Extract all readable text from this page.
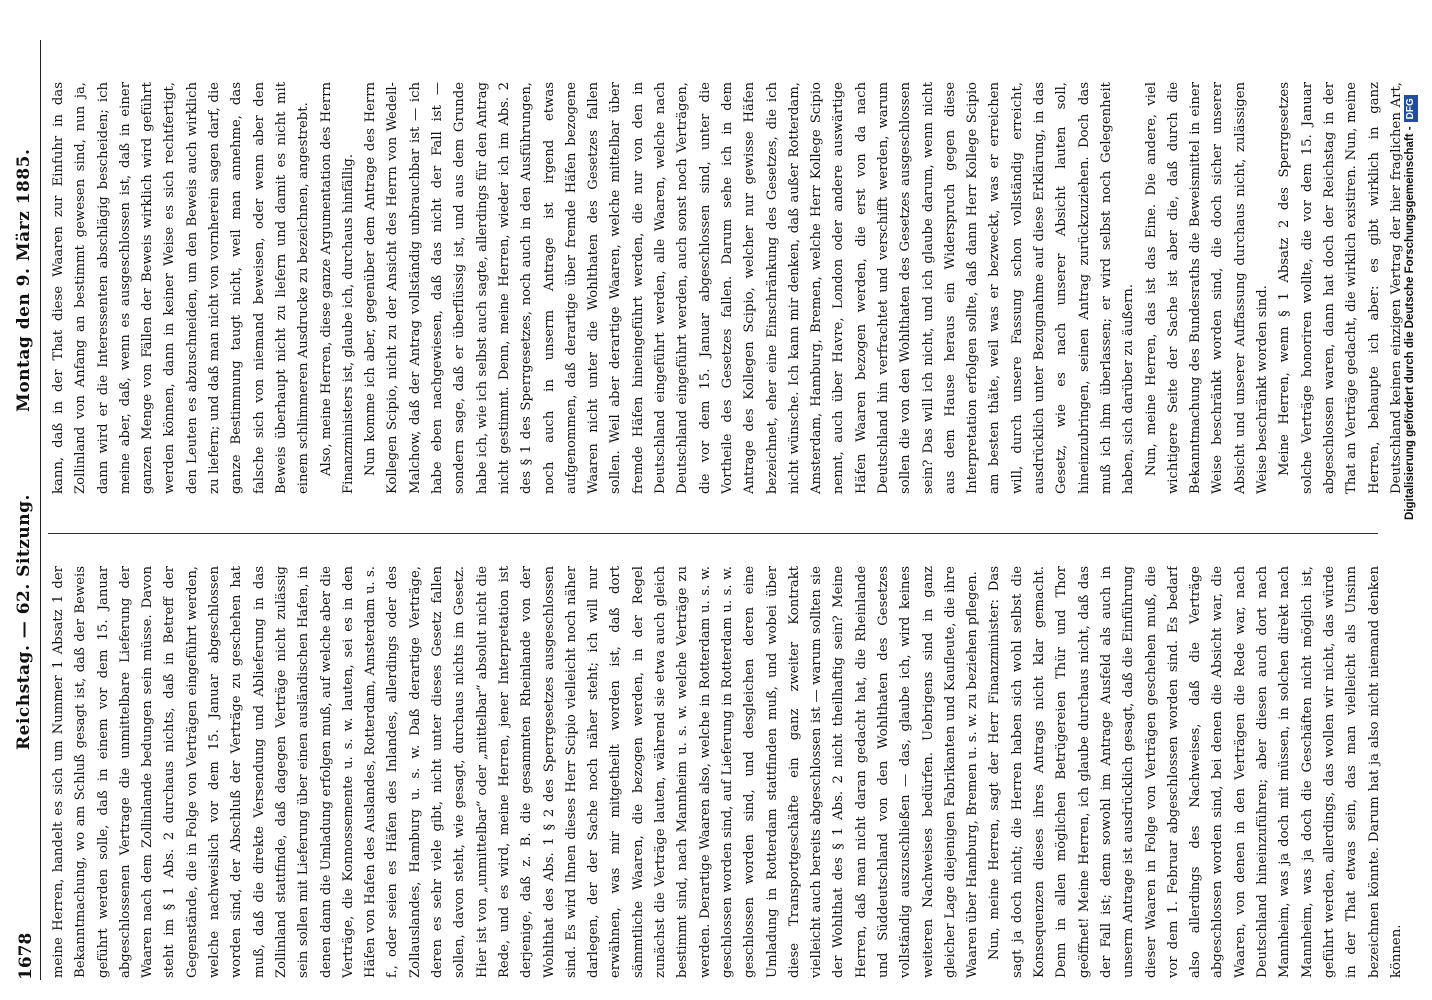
1678
Reichstag. — 62. Sitzung.
Montag den 9. März 1885.

meine Herren, handelt es sich um Nummer 1 Absatz 1 der Bekanntmachung, wo am Schluß gesagt ist, daß der Beweis geführt werden solle, daß in einem vor dem 15. Januar abgeschlossenen Vertrage die unmittelbare Lieferung der Waaren nach dem Zollinlande bedungen sein müsse. Davon steht im § 1 Abs. 2 durchaus nichts, daß in Betreff der Gegenstände, die in Folge von Verträgen eingeführt werden, welche nachweislich vor dem 15. Januar abgeschlossen worden sind, der Abschluß der Verträge zu geschehen hat muß, daß die direkte Versendung und Ablieferung in das Zollinland stattfinde, daß dagegen Verträge nicht zulässig sein sollen mit Lieferung über einen ausländischen Hafen, in denen dann die Umladung erfolgen muß, auf welche aber die Verträge, die Konnossemente u. s. w. lauten, sei es in den Häfen von Hafen des Auslandes, Rotterdam, Amsterdam u. s. f., oder seien es Häfen des Inlandes, allerdings oder des Zollauslandes, Hamburg u. s. w. Daß derartige Verträge, deren es sehr viele gibt, nicht unter dieses Gesetz fallen sollen, davon steht, wie gesagt, durchaus nichts im Gesetz. Hier ist von „unmittelbar“ oder „mittelbar“ absolut nicht die Rede, und es wird, meine Herren, jener Interpretation ist derjenige, daß z. B. die gesammten Rheinlande von der Wohlthat des Abs. 1 § 2 des Sperrgesetzes ausgeschlossen sind. Es wird Ihnen dieses Herr Scipio vielleicht noch näher darlegen, der der Sache noch näher steht; ich will nur erwähnen, was mir mitgetheilt worden ist, daß dort sämmtliche Waaren, die bezogen werden, in der Regel zunächst die Verträge lauten, während sie etwa auch gleich bestimmt sind, nach Mannheim u. s. w. welche Verträge zu werden. Derartige Waaren also, welche in Rotterdam u. s. w. geschlossen worden sind, auf Lieferung in Rotterdam u. s. w. geschlossen worden sind, und desgleichen deren eine Umladung in Rotterdam stattfinden muß, und wobei über diese Transportgeschäfte ein ganz zweiter Kontrakt vielleicht auch bereits abgeschlossen ist — warum sollten sie der Wohlthat des § 1 Abs. 2 nicht theilhaftig sein? Meine Herren, daß man nicht daran gedacht hat, die Rheinlande und Süddeutschland von den Wohlthaten des Gesetzes vollständig auszuschließen — das, glaube ich, wird keines weiteren Nachweises bedürfen. Uebrigens sind in ganz gleicher Lage diejenigen Fabrikanten und Kaufleute, die ihre Waaren über Hamburg, Bremen u. s. w. zu beziehen pflegen. Nun, meine Herren, sagt der Herr Finanzminister: Das sagt ja doch nicht; die Herren haben sich wohl selbst die Konsequenzen dieses ihres Antrags nicht klar gemacht. Denn in allen möglichen Betrügereien Thür und Thor geöffnet! Meine Herren, ich glaube durchaus nicht, daß das der Fall ist; denn sowohl im Antrage Ausfeld als auch in unserm Antrage ist ausdrücklich gesagt, daß die Einführung dieser Waaren in Folge von Verträgen geschehen muß, die vor dem 1. Februar abgeschlossen worden sind. Es bedarf also allerdings des Nachweises, daß die Verträge abgeschlossen worden sind, bei denen die Absicht war, die Waaren, von denen in den Verträgen die Rede war, nach Deutschland hineinzuführen; aber diesen auch dort nach Mannheim, was ja doch mit müssen, in solchen direkt nach Mannheim, was ja doch die Geschäften nicht möglich ist, geführt werden, allerdings, das wollen wir nicht, das würde in der That etwas sein, das man vielleicht als Unsinn bezeichnen könnte. Darum hat ja also nicht niemand denken können.

kann, daß in der That diese Waaren zur Einfuhr in das Zollinland von Anfang an bestimmt gewesen sind, nun ja, dann wird er die Interessenten abschlägig bescheiden; ich meine aber, daß, wenn es ausgeschlossen ist, daß in einer ganzen Menge von Fällen der Beweis wirklich wird geführt werden können, dann in keiner Weise es sich rechtfertigt, den Leuten es abzuschneiden, um den Beweis auch wirklich zu liefern; und daß man nicht von vornherein sagen darf, die ganze Bestimmung taugt nicht, weil man annehme, das falsche sich von niemand beweisen, oder wenn aber den Beweis überhaupt nicht zu liefern und damit es nicht mit einem schlimmeren Ausdrucke zu bezeichnen, angestrebt. Also, meine Herren, diese ganze Argumentation des Herrn Finanzministers ist, glaube ich, durchaus hinfällig. Nun komme ich aber, gegenüber dem Antrage des Herrn Kollegen Scipio, nicht zu der Ansicht des Herrn von Wedell-Malchow, daß der Antrag vollständig unbrauchbar ist — ich habe eben nachgewiesen, daß das nicht der Fall ist — sondern sage, daß er überflüssig ist, und aus dem Grunde habe ich, wie ich selbst auch sagte, allerdings für den Antrag nicht gestimmt. Denn, meine Herren, wieder ich im Abs. 2 des § 1 des Sperrgesetzes, noch auch in den Ausführungen, noch auch in unserm Antrage ist irgend etwas aufgenommen, daß derartige über fremde Häfen bezogene Waaren nicht unter die Wohlthaten des Gesetzes fallen sollen. Weil aber derartige Waaren, welche mittelbar über fremde Häfen hineingeführt werden, die nur von den in Deutschland eingeführt werden, alle Waaren, welche nach Deutschland eingeführt werden, auch sonst noch Verträgen, die vor dem 15. Januar abgeschlossen sind, unter die Vortheile des Gesetzes fallen. Darum sehe ich in dem Antrage des Kollegen Scipio, welcher nur gewisse Häfen bezeichnet, eher eine Einschränkung des Gesetzes, die ich nicht wünsche. Ich kann mir denken, daß außer Rotterdam, Amsterdam, Hamburg, Bremen, welche Herr Kollege Scipio nennt, auch über Havre, London oder andere auswärtige Häfen Waaren bezogen werden, die erst von da nach Deutschland hin verfrachtet und verschifft werden, warum sollen die von den Wohlthaten des Gesetzes ausgeschlossen sein? Das will ich nicht, und ich glaube darum, wenn nicht aus dem Hause heraus ein Widerspruch gegen diese Interpretation erfolgen sollte, daß dann Herr Kollege Scipio am besten thäte, weil was er bezweckt, was er erreichen will, durch unsere Fassung schon vollständig erreicht, ausdrücklich unter Bezugnahme auf diese Erklärung, in das Gesetz, wie es nach unserer Absicht lauten soll, hineinzubringen, seinen Antrag zurückzuziehen. Doch das muß ich ihm überlassen; er wird selbst noch Gelegenheit haben, sich darüber zu äußern. Nun, meine Herren, das ist das Eine. Die andere, viel wichtigere Seite der Sache ist aber die, daß durch die Bekanntmachung des Bundesraths die Beweismittel in einer Weise beschränkt worden sind, die doch sicher unserer Absicht und unserer Auffassung durchaus nicht, zulässigen Weise beschränkt worden sind. Meine Herren, wenn § 1 Absatz 2 des Sperrgesetzes solche Verträge honoriren wollte, die vor dem 15. Januar abgeschlossen waren, dann hat doch der Reichstag in der That an Verträge gedacht, die wirklich existiren. Nun, meine Herren, behaupte ich aber: es gibt wirklich in ganz Deutschland keinen einzigen Vertrag der hier fraglichen Art,

Digitalisierung gefördert durch die Deutsche Forschungsgemeinschaft -DFG
